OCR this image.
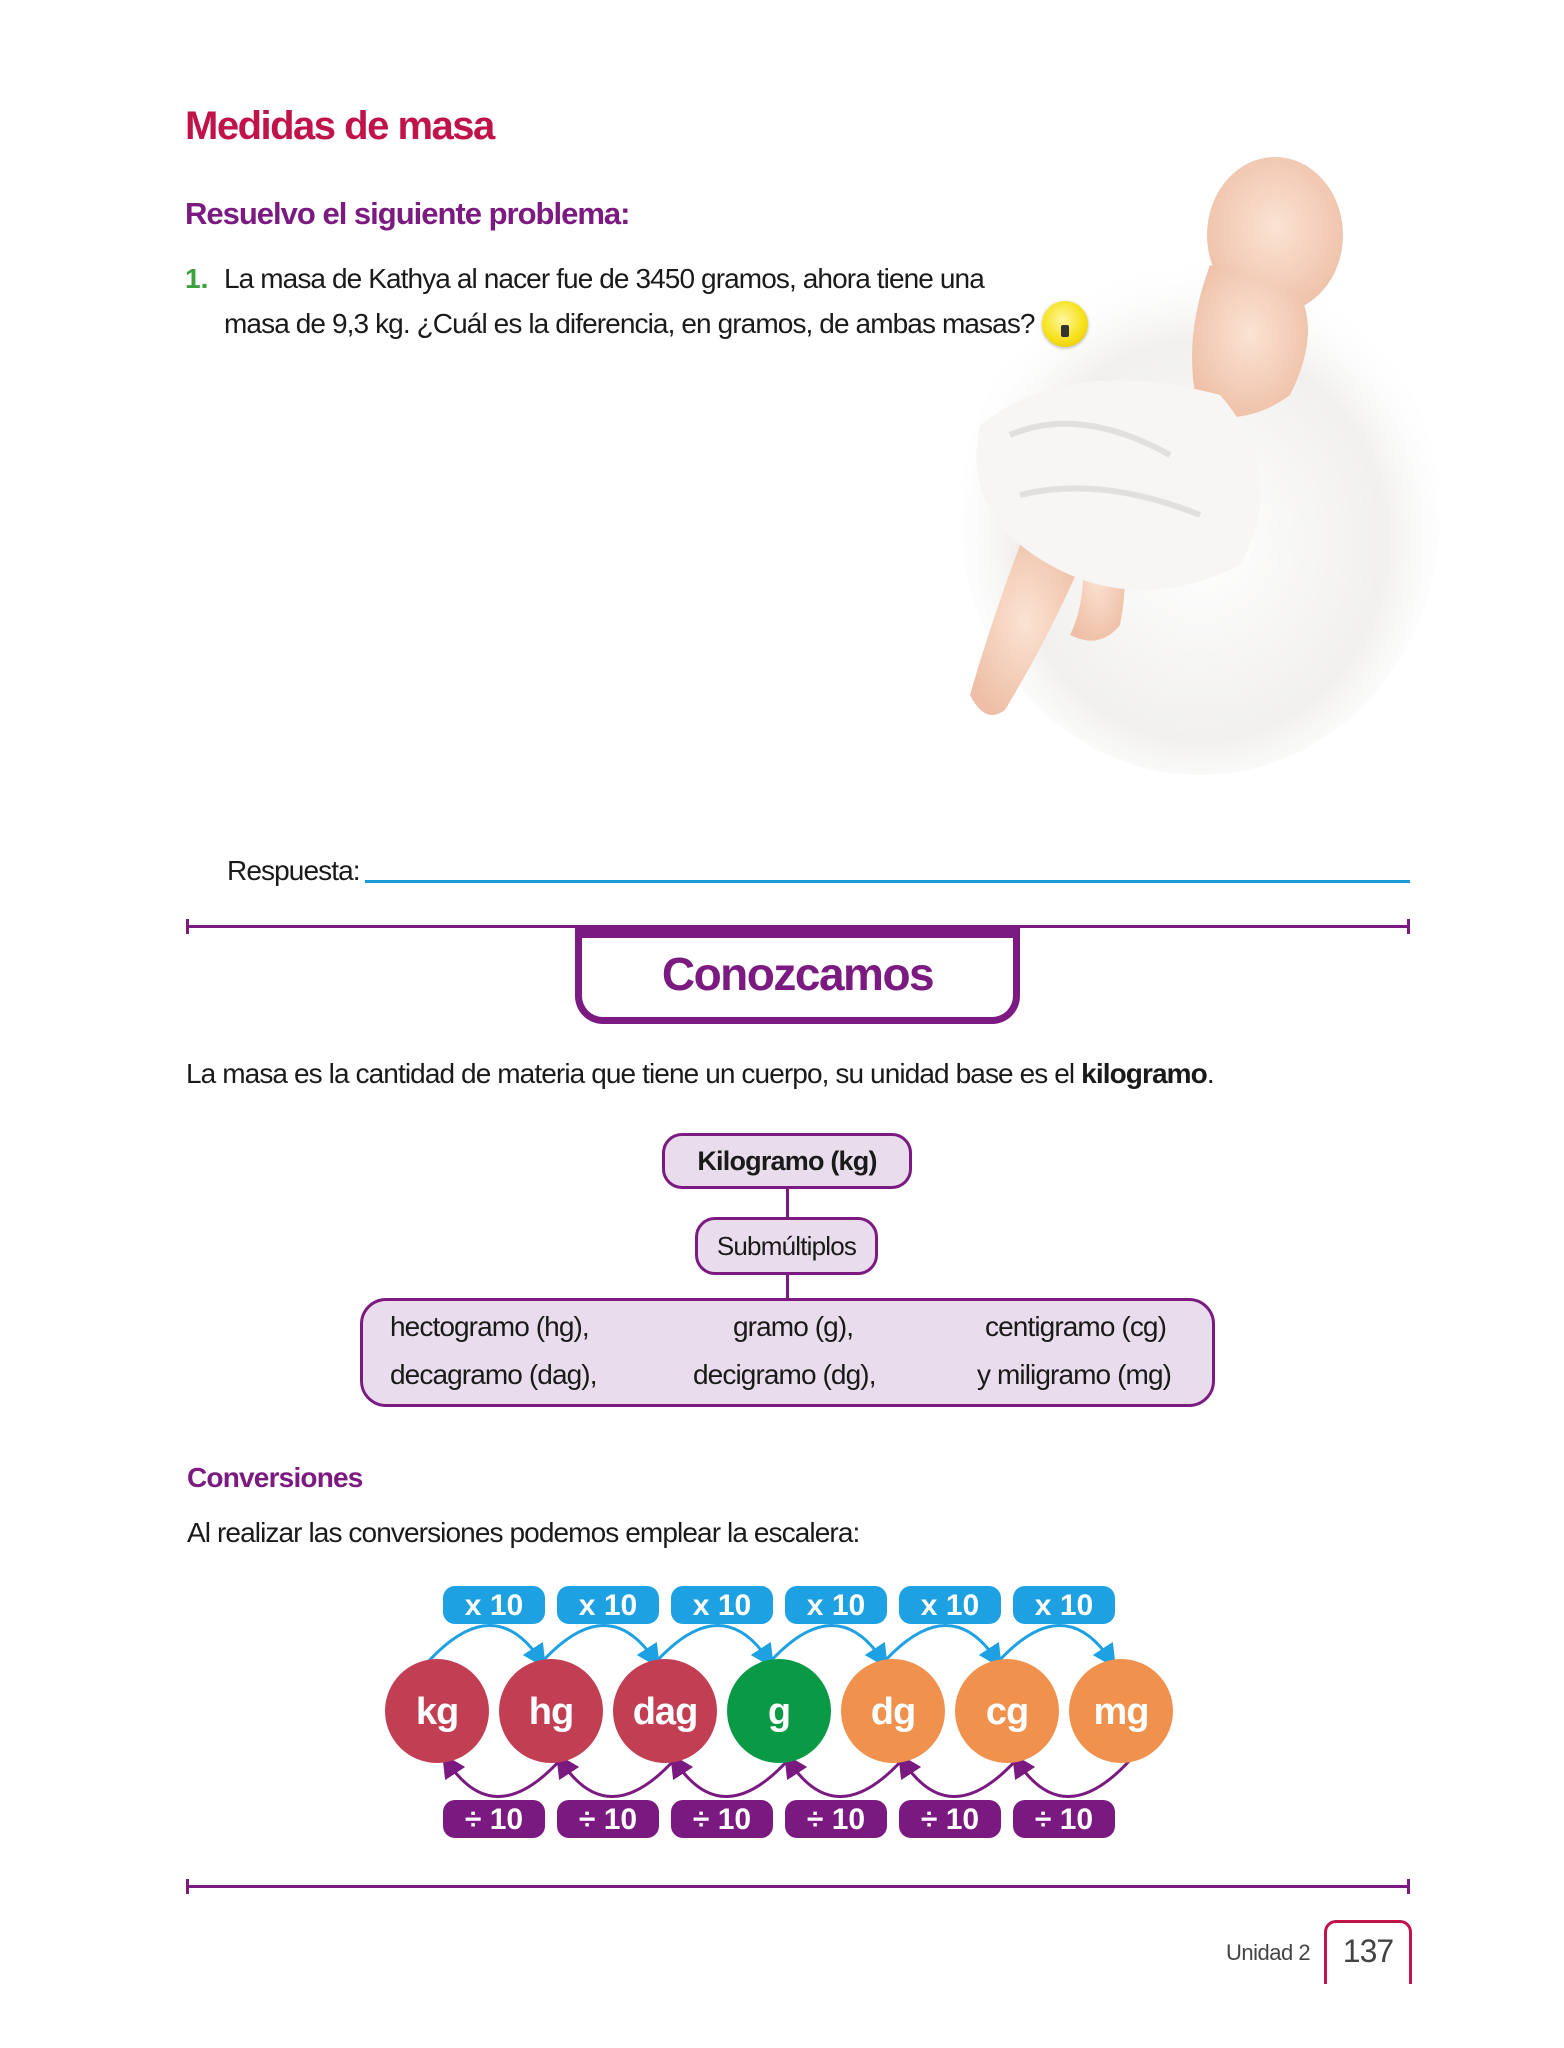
Medidas de masa
Resuelvo el siguiente problema:
1. La masa de Kathya al nacer fue de 3450 gramos, ahora tiene una
masa de 9,3 kg. ¿Cuál es la diferencia, en gramos, de ambas masas?
Respuesta:
Conozcamos
La masa es la cantidad de materia que tiene un cuerpo, su unidad base es el kilogramo.
Kilogramo (kg)
Submúltiplos
hectogramo (hg),	gramo (g),	centigramo (cg)
decagramo (dag),	decigramo (dg),	y miligramo (mg)
Conversiones
Al realizar las conversiones podemos emplear la escalera:
x 10
÷ 10
x 10
÷ 10
x 10
÷ 10
x 10
÷ 10
x 10
÷ 10
x 10
÷ 10
kg hg dag g dg cg mg
Unidad 2	137
